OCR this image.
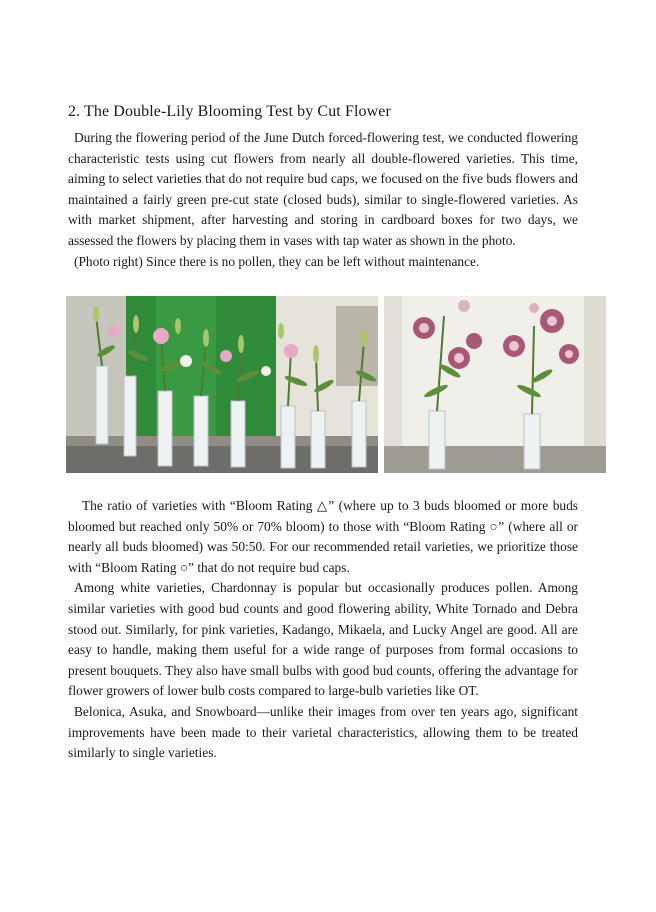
2. The Double-Lily Blooming Test by Cut Flower

During the flowering period of the June Dutch forced-flowering test, we conducted flowering characteristic tests using cut flowers from nearly all double-flowered varieties. This time, aiming to select varieties that do not require bud caps, we focused on the five buds flowers and maintained a fairly green pre-cut state (closed buds), similar to single-flowered varieties. As with market shipment, after harvesting and storing in cardboard boxes for two days, we assessed the flowers by placing them in vases with tap water as shown in the photo.

(Photo right) Since there is no pollen, they can be left without maintenance.

The ratio of varieties with “Bloom Rating △” (where up to 3 buds bloomed or more buds bloomed but reached only 50% or 70% bloom) to those with “Bloom Rating ○” (where all or nearly all buds bloomed) was 50:50. For our recommended retail varieties, we prioritize those with “Bloom Rating ○” that do not require bud caps.

Among white varieties, Chardonnay is popular but occasionally produces pollen. Among similar varieties with good bud counts and good flowering ability, White Tornado and Debra stood out. Similarly, for pink varieties, Kadango, Mikaela, and Lucky Angel are good. All are easy to handle, making them useful for a wide range of purposes from formal occasions to present bouquets. They also have small bulbs with good bud counts, offering the advantage for flower growers of lower bulb costs compared to large-bulb varieties like OT.

Belonica, Asuka, and Snowboard—unlike their images from over ten years ago, significant improvements have been made to their varietal characteristics, allowing them to be treated similarly to single varieties.
